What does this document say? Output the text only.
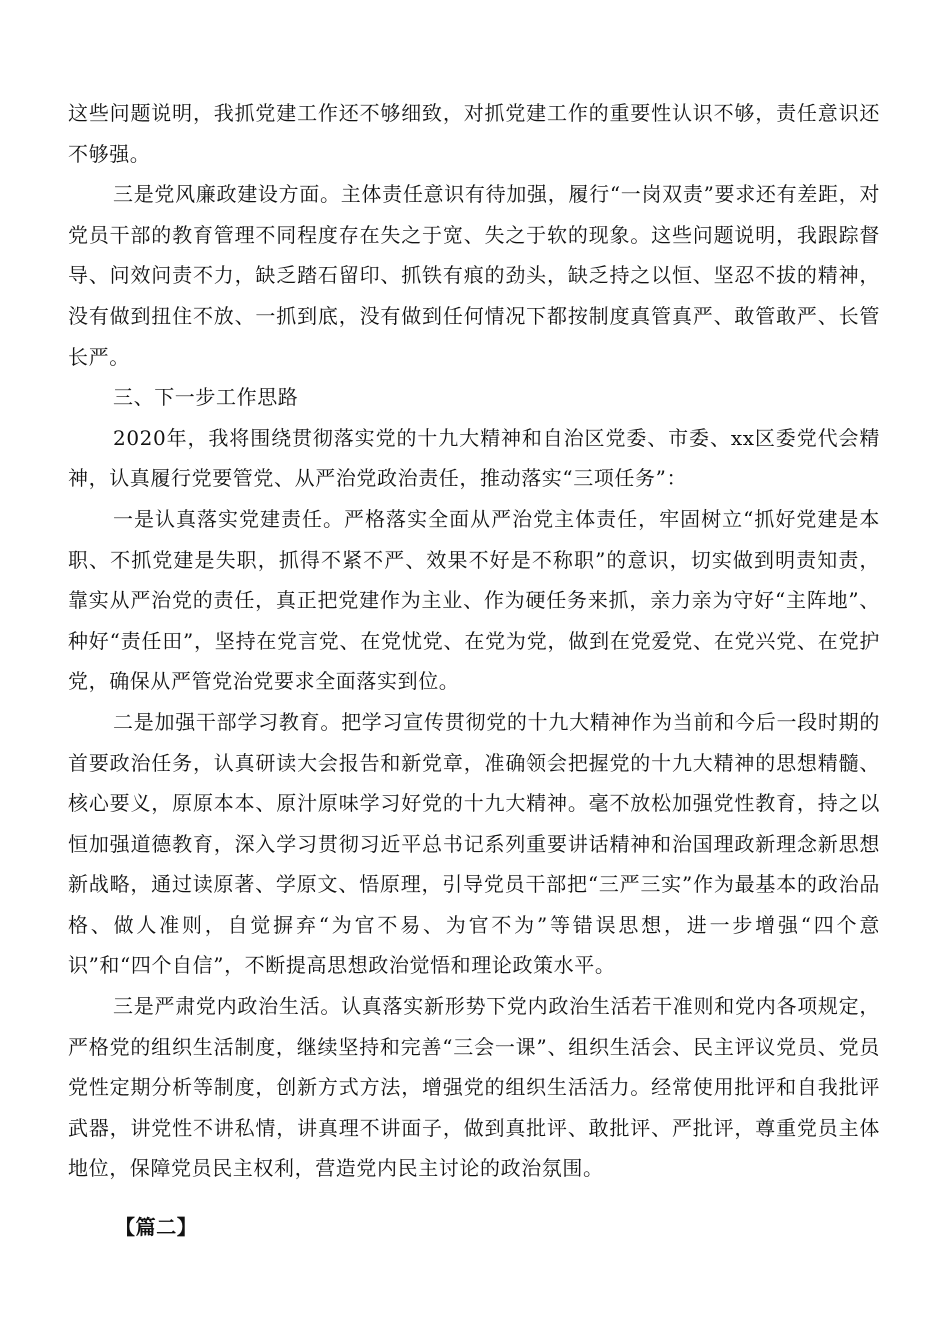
这些问题说明，我抓党建工作还不够细致，对抓党建工作的重要性认识不够，责任意识还不够强。

三是党风廉政建设方面。主体责任意识有待加强，履行“一岗双责”要求还有差距，对党员干部的教育管理不同程度存在失之于宽、失之于软的现象。这些问题说明，我跟踪督导、问效问责不力，缺乏踏石留印、抓铁有痕的劲头，缺乏持之以恒、坚忍不拔的精神，没有做到扭住不放、一抓到底，没有做到任何情况下都按制度真管真严、敢管敢严、长管长严。

三、下一步工作思路

2020年，我将围绕贯彻落实党的十九大精神和自治区党委、市委、xx区委党代会精神，认真履行党要管党、从严治党政治责任，推动落实“三项任务”：

一是认真落实党建责任。严格落实全面从严治党主体责任，牢固树立“抓好党建是本职、不抓党建是失职，抓得不紧不严、效果不好是不称职”的意识，切实做到明责知责，靠实从严治党的责任，真正把党建作为主业、作为硬任务来抓，亲力亲为守好“主阵地”、种好“责任田”，坚持在党言党、在党忧党、在党为党，做到在党爱党、在党兴党、在党护党，确保从严管党治党要求全面落实到位。

二是加强干部学习教育。把学习宣传贯彻党的十九大精神作为当前和今后一段时期的首要政治任务，认真研读大会报告和新党章，准确领会把握党的十九大精神的思想精髓、核心要义，原原本本、原汁原味学习好党的十九大精神。毫不放松加强党性教育，持之以恒加强道德教育，深入学习贯彻习近平总书记系列重要讲话精神和治国理政新理念新思想新战略，通过读原著、学原文、悟原理，引导党员干部把“三严三实”作为最基本的政治品格、做人准则，自觉摒弃“为官不易、为官不为”等错误思想，进一步增强“四个意识”和“四个自信”，不断提高思想政治觉悟和理论政策水平。

三是严肃党内政治生活。认真落实新形势下党内政治生活若干准则和党内各项规定，严格党的组织生活制度，继续坚持和完善“三会一课”、组织生活会、民主评议党员、党员党性定期分析等制度，创新方式方法，增强党的组织生活活力。经常使用批评和自我批评武器，讲党性不讲私情，讲真理不讲面子，做到真批评、敢批评、严批评，尊重党员主体地位，保障党员民主权利，营造党内民主讨论的政治氛围。

【篇二】
